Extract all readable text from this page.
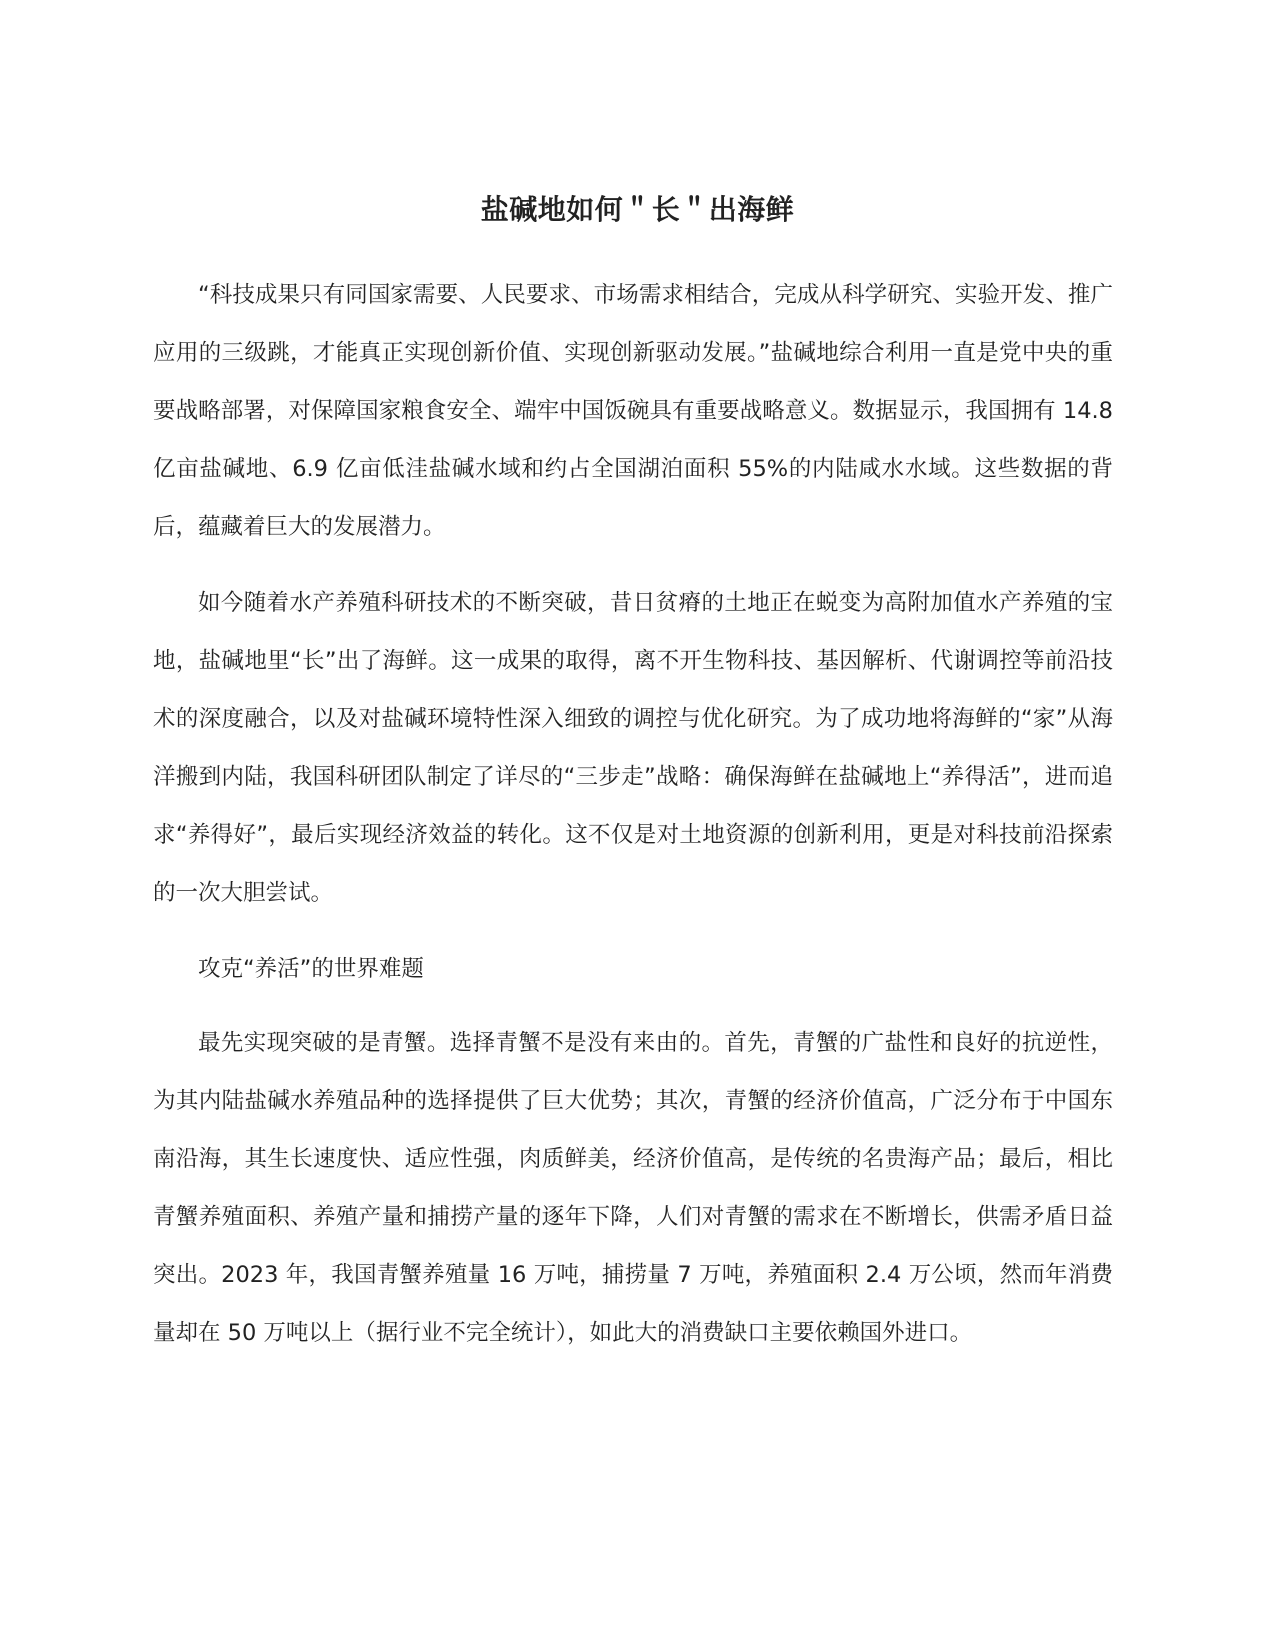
盐碱地如何＂长＂出海鲜

“科技成果只有同国家需要、人民要求、市场需求相结合，完成从科学研究、实验开发、推广应用的三级跳，才能真正实现创新价值、实现创新驱动发展。”盐碱地综合利用一直是党中央的重要战略部署，对保障国家粮食安全、端牢中国饭碗具有重要战略意义。数据显示，我国拥有 14.8 亿亩盐碱地、6.9 亿亩低洼盐碱水域和约占全国湖泊面积 55%的内陆咸水水域。这些数据的背后，蕴藏着巨大的发展潜力。

如今随着水产养殖科研技术的不断突破，昔日贫瘠的土地正在蜕变为高附加值水产养殖的宝地，盐碱地里“长”出了海鲜。这一成果的取得，离不开生物科技、基因解析、代谢调控等前沿技术的深度融合，以及对盐碱环境特性深入细致的调控与优化研究。为了成功地将海鲜的“家”从海洋搬到内陆，我国科研团队制定了详尽的“三步走”战略：确保海鲜在盐碱地上“养得活”，进而追求“养得好”，最后实现经济效益的转化。这不仅是对土地资源的创新利用，更是对科技前沿探索的一次大胆尝试。

攻克“养活”的世界难题

最先实现突破的是青蟹。选择青蟹不是没有来由的。首先，青蟹的广盐性和良好的抗逆性，为其内陆盐碱水养殖品种的选择提供了巨大优势；其次，青蟹的经济价值高，广泛分布于中国东南沿海，其生长速度快、适应性强，肉质鲜美，经济价值高，是传统的名贵海产品；最后，相比青蟹养殖面积、养殖产量和捕捞产量的逐年下降，人们对青蟹的需求在不断增长，供需矛盾日益突出。2023 年，我国青蟹养殖量 16 万吨，捕捞量 7 万吨，养殖面积 2.4 万公顷，然而年消费量却在 50 万吨以上（据行业不完全统计），如此大的消费缺口主要依赖国外进口。
